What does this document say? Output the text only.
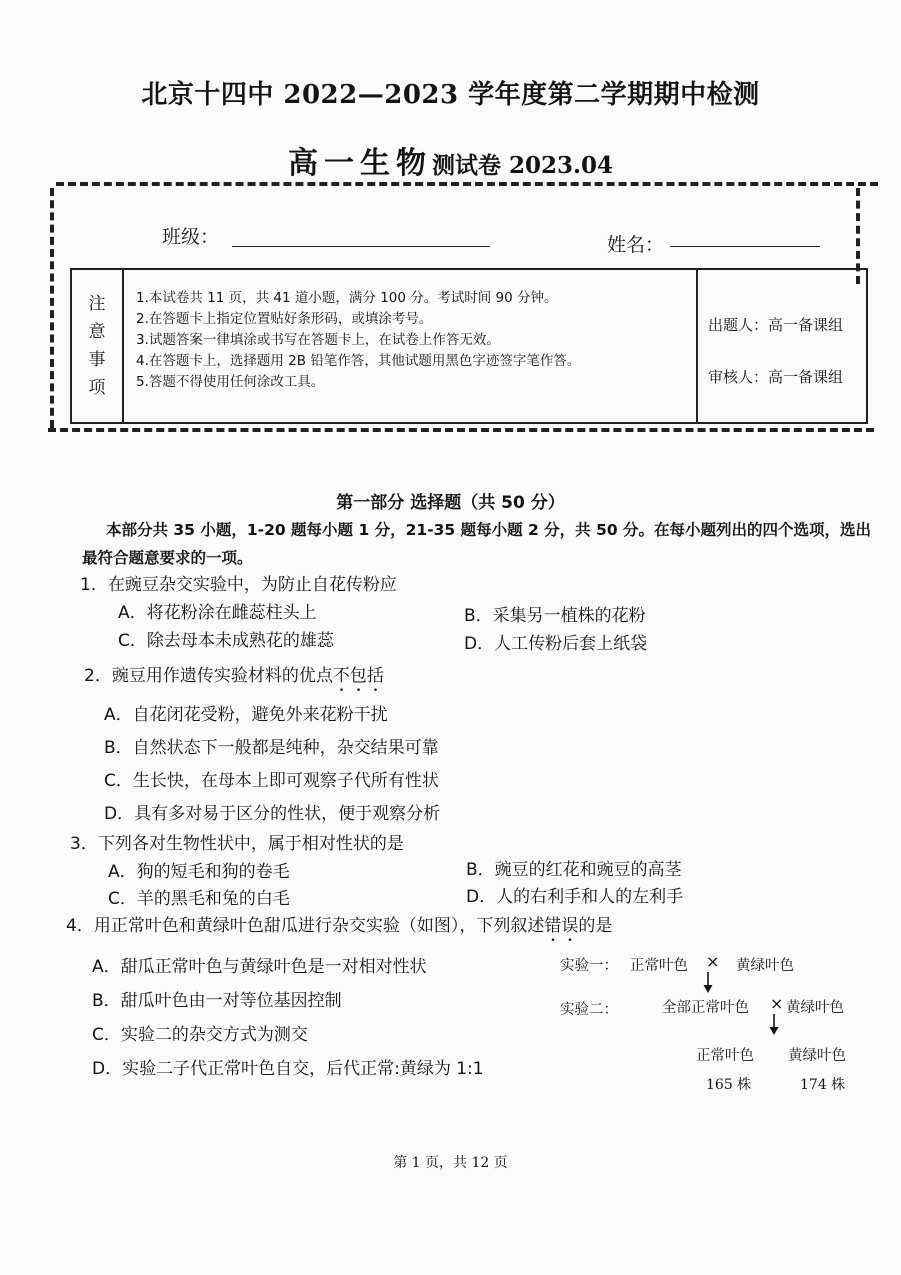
北京十四中 2022—2023 学年度第二学期期中检测
高一生物测试卷 2023.04
班级：	姓名：
注
意
事
项
1.本试卷共 11 页，共 41 道小题，满分 100 分。考试时间 90 分钟。
2.在答题卡上指定位置贴好条形码，或填涂考号。
3.试题答案一律填涂或书写在答题卡上，在试卷上作答无效。
4.在答题卡上，选择题用 2B 铅笔作答，其他试题用黑色字迹签字笔作答。
5.答题不得使用任何涂改工具。
出题人：高一备课组
审核人：高一备课组
第一部分 选择题（共 50 分）
本部分共 35 小题，1-20 题每小题 1 分，21-35 题每小题 2 分，共 50 分。在每小题列出的四个选项，选出最符合题意要求的一项。
1．在豌豆杂交实验中，为防止自花传粉应
A．将花粉涂在雌蕊柱头上	B．采集另一植株的花粉
C．除去母本未成熟花的雄蕊	D．人工传粉后套上纸袋
2．豌豆用作遗传实验材料的优点不包括
A．自花闭花受粉，避免外来花粉干扰
B．自然状态下一般都是纯种，杂交结果可靠
C．生长快，在母本上即可观察子代所有性状
D．具有多对易于区分的性状，便于观察分析
3．下列各对生物性状中，属于相对性状的是
A．狗的短毛和狗的卷毛	B．豌豆的红花和豌豆的高茎
C．羊的黑毛和兔的白毛	D．人的右利手和人的左利手
4．用正常叶色和黄绿叶色甜瓜进行杂交实验（如图），下列叙述错误的是
A．甜瓜正常叶色与黄绿叶色是一对相对性状
B．甜瓜叶色由一对等位基因控制
C．实验二的杂交方式为测交
D．实验二子代正常叶色自交，后代正常:黄绿为 1:1
实验一： 正常叶色 × 黄绿叶色
实验二：	全部正常叶色 × 黄绿叶色
正常叶色 黄绿叶色
165 株	174 株
第 1 页，共 12 页
